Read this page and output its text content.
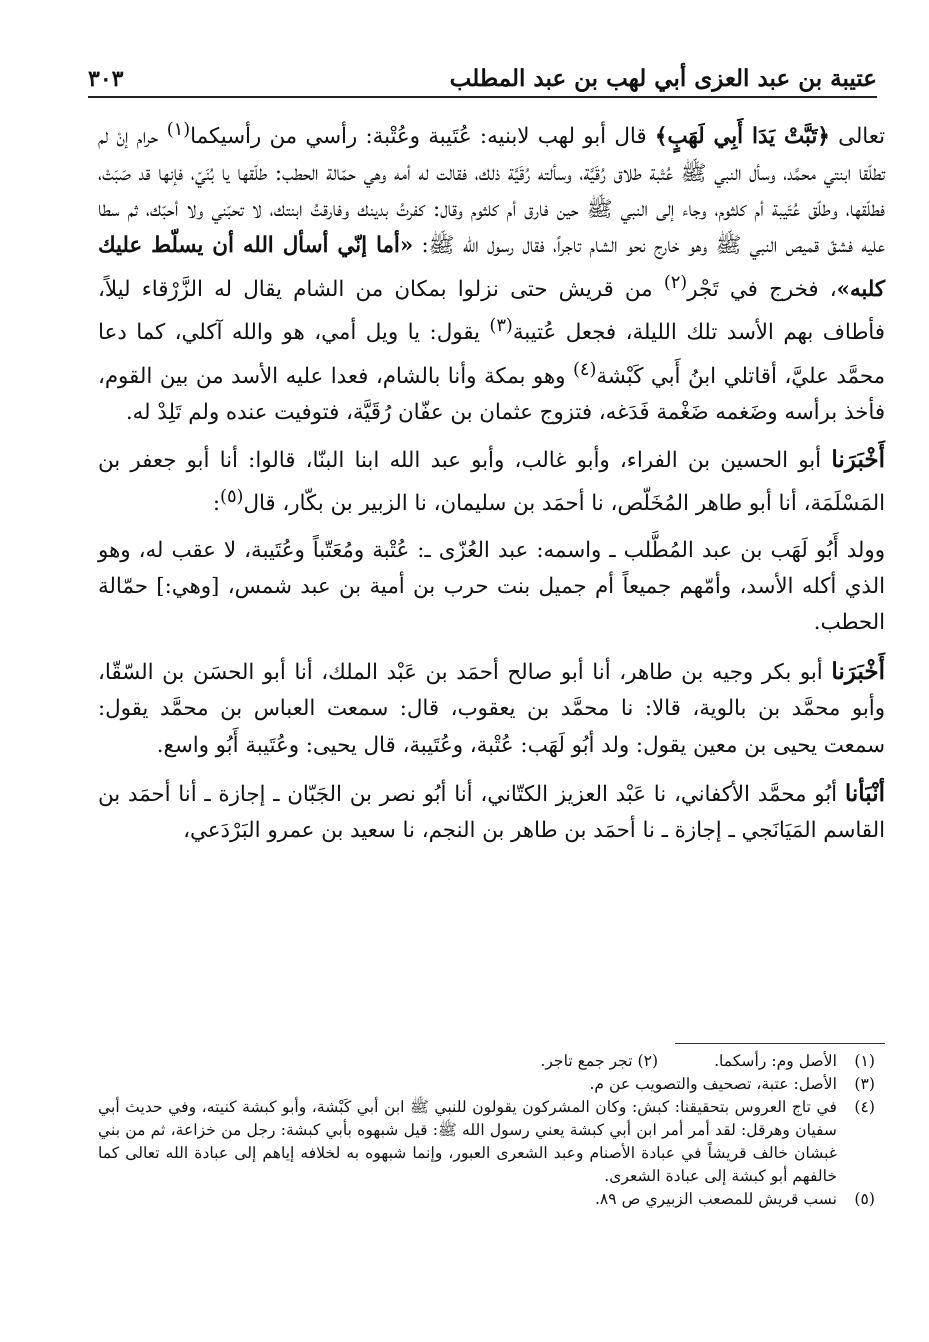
عتيبة بن عبد العزى أبي لهب بن عبد المطلب
٣٠٣

تعالى ﴿تَبَّتْ يَدَا أَبِي لَهَبٍ﴾ قال أبو لهب لابنيه: عُتَيبة وعُتْبة: رأسي من رأسيكما$^{(١)}$ حرام إنْ لم تطلّقا ابنتي محمَّد، وسأل النبي ﷺ عُتْبة طلاق رُقَيَّة، وسألته رُقَيَّة ذلك، فقالت له أمه وهي حمّالة الحطب: طلّقها يا بُنَيّ، فإنها قد صَبَتْ، فطلّقها، وطلّق عُتَيبة أم كلثوم، وجاء إلى النبي ﷺ حين فارق أم كلثوم وقال: كفرتُ بدينك وفارقتُ ابنتك، لا تحبّني ولا أحبّك، ثم سطا عليه فشقّ قميص النبي ﷺ وهو خارج نحو الشام تاجراً، فقال رسول الله ﷺ: «أما إنّي أسأل الله أن يسلّط عليك كلبه»، فخرج في تَجْر$^{(٢)}$ من قريش حتى نزلوا بمكان من الشام يقال له الزَّرْقاء ليلاً، فأطاف بهم الأسد تلك الليلة، فجعل عُتيبة$^{(٣)}$ يقول: يا ويل أمي، هو والله آكلي، كما دعا محمَّد عليَّ، أقاتلي ابنُ أَبي كَبْشة$^{(٤)}$ وهو بمكة وأنا بالشام، فعدا عليه الأسد من بين القوم، فأخذ برأسه وضَغمه ضَغْمة فَدَغه، فتزوج عثمان بن عفّان رُقَيَّة، فتوفيت عنده ولم تَلِدْ له.

أَخْبَرَنا أبو الحسين بن الفراء، وأبو غالب، وأبو عبد الله ابنا البنّا، قالوا: أنا أبو جعفر بن المَسْلَمَة، أنا أبو طاهر المُخَلّص، نا أحمَد بن سليمان، نا الزبير بن بكّار، قال$^{(٥)}$:

وولد أَبُو لَهَب بن عبد المُطَّلب ـ واسمه: عبد العُزّى ـ: عُتْبة ومُعَتّباً وعُتَيبة، لا عقب له، وهو الذي أكله الأسد، وأمّهم جميعاً أم جميل بنت حرب بن أمية بن عبد شمس، [وهي:] حمّالة الحطب.

أَخْبَرَنا أبو بكر وجيه بن طاهر، أنا أبو صالح أحمَد بن عَبْد الملك، أنا أبو الحسَن بن السّقّا، وأبو محمَّد بن بالوية، قالا: نا محمَّد بن يعقوب، قال: سمعت العباس بن محمَّد يقول: سمعت يحيى بن معين يقول: ولد أبُو لَهَب: عُتْبة، وعُتَيبة، قال يحيى: وعُتَيبة أَبُو واسع.

أنْبَأنا أبُو محمَّد الأكفاني، نا عَبْد العزيز الكتّاني، أنا أبُو نصر بن الجَبّان ـ إجازة ـ أنا أحمَد بن القاسم المَيَانَجي ـ إجازة ـ نا أحمَد بن طاهر بن النجم، نا سعيد بن عمرو البَرْدَعي،

(١)
الأصل وم: رأسكما.(٢) تجر جمع تاجر.
(٣)
الأصل: عتبة، تصحيف والتصويب عن م.
(٤)
في تاج العروس بتحقيقنا: كبش: وكان المشركون يقولون للنبي ﷺ ابن أبي كَبْشة، وأبو كبشة كنيته، وفي حديث أبي سفيان وهرقل: لقد أمر أمر ابن أبي كبشة يعني رسول الله ﷺ: قيل شبهوه بأبي كبشة: رجل من خزاعة، ثم من بني غبشان خالف قريشاً في عبادة الأصنام وعبد الشعرى العبور، وإنما شبهوه به لخلافه إياهم إلى عبادة الله تعالى كما خالفهم أبو كبشة إلى عبادة الشعرى.
(٥)
نسب قريش للمصعب الزبيري ص ٨٩.
